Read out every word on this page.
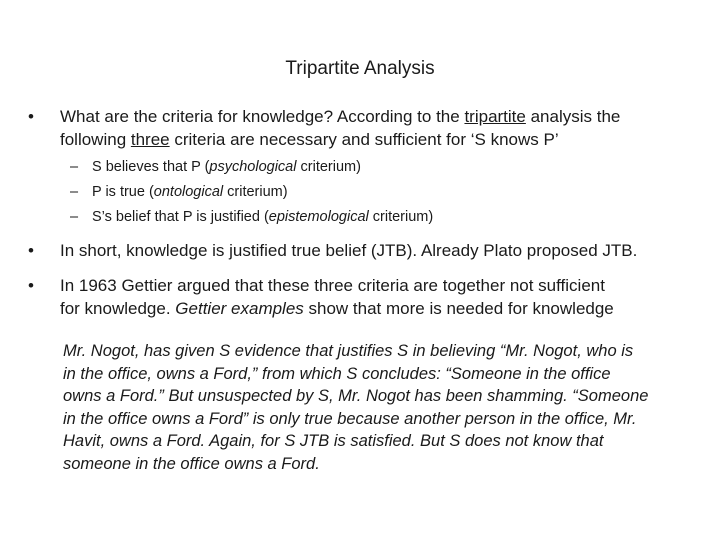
Tripartite Analysis
•	What are the criteria for knowledge? According to the tripartite analysis the
following three criteria are necessary and sufficient for ‘S knows P’
– S believes that P (psychological criterium)
– P is true (ontological criterium)
– S’s belief that P is justified (epistemological criterium)
•	In short, knowledge is justified true belief (JTB). Already Plato proposed JTB.
•	In 1963 Gettier argued that these three criteria are together not sufficient
for knowledge. Gettier examples show that more is needed for knowledge
Mr. Nogot, has given S evidence that justifies S in believing “Mr. Nogot, who is
in the office, owns a Ford,” from which S concludes: “Someone in the office
owns a Ford.” But unsuspected by S, Mr. Nogot has been shamming. “Someone
in the office owns a Ford” is only true because another person in the office, Mr.
Havit, owns a Ford. Again, for S JTB is satisfied. But S does not know that
someone in the office owns a Ford.
